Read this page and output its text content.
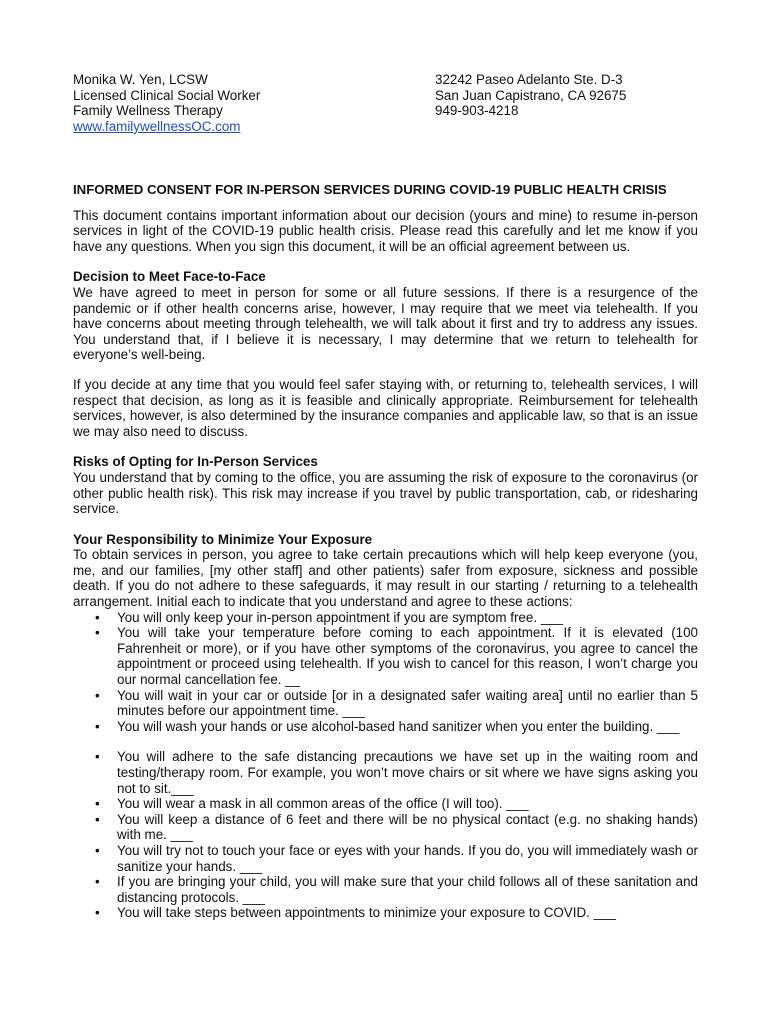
Monika W. Yen, LCSW
Licensed Clinical Social Worker
Family Wellness Therapy
www.familywellnessOC.com
32242 Paseo Adelanto Ste. D-3
San Juan Capistrano, CA 92675
949-903-4218
INFORMED CONSENT FOR IN-PERSON SERVICES DURING COVID-19 PUBLIC HEALTH CRISIS

This document contains important information about our decision (yours and mine) to resume in-person services in light of the COVID-19 public health crisis. Please read this carefully and let me know if you have any questions. When you sign this document, it will be an official agreement between us.

Decision to Meet Face-to-Face

We have agreed to meet in person for some or all future sessions. If there is a resurgence of the pandemic or if other health concerns arise, however, I may require that we meet via telehealth. If you have concerns about meeting through telehealth, we will talk about it first and try to address any issues. You understand that, if I believe it is necessary, I may determine that we return to telehealth for everyone’s well-being.

If you decide at any time that you would feel safer staying with, or returning to, telehealth services, I will respect that decision, as long as it is feasible and clinically appropriate. Reimbursement for telehealth services, however, is also determined by the insurance companies and applicable law, so that is an issue we may also need to discuss.

Risks of Opting for In-Person Services

You understand that by coming to the office, you are assuming the risk of exposure to the coronavirus (or other public health risk). This risk may increase if you travel by public transportation, cab, or ridesharing service.

Your Responsibility to Minimize Your Exposure

To obtain services in person, you agree to take certain precautions which will help keep everyone (you, me, and our families, [my other staff] and other patients) safer from exposure, sickness and possible death. If you do not adhere to these safeguards, it may result in our starting / returning to a telehealth arrangement. Initial each to indicate that you understand and agree to these actions:

• You will only keep your in-person appointment if you are symptom free. ___
• You will take your temperature before coming to each appointment. If it is elevated (100 Fahrenheit or more), or if you have other symptoms of the coronavirus, you agree to cancel the appointment or proceed using telehealth. If you wish to cancel for this reason, I won’t charge you our normal cancellation fee. __
• You will wait in your car or outside [or in a designated safer waiting area] until no earlier than 5 minutes before our appointment time. ___
• You will wash your hands or use alcohol-based hand sanitizer when you enter the building. ___
• You will adhere to the safe distancing precautions we have set up in the waiting room and testing/therapy room. For example, you won’t move chairs or sit where we have signs asking you not to sit.___
• You will wear a mask in all common areas of the office (I will too). ___
• You will keep a distance of 6 feet and there will be no physical contact (e.g. no shaking hands) with me. ___
• You will try not to touch your face or eyes with your hands. If you do, you will immediately wash or sanitize your hands. ___
• If you are bringing your child, you will make sure that your child follows all of these sanitation and distancing protocols. ___
• You will take steps between appointments to minimize your exposure to COVID. ___
